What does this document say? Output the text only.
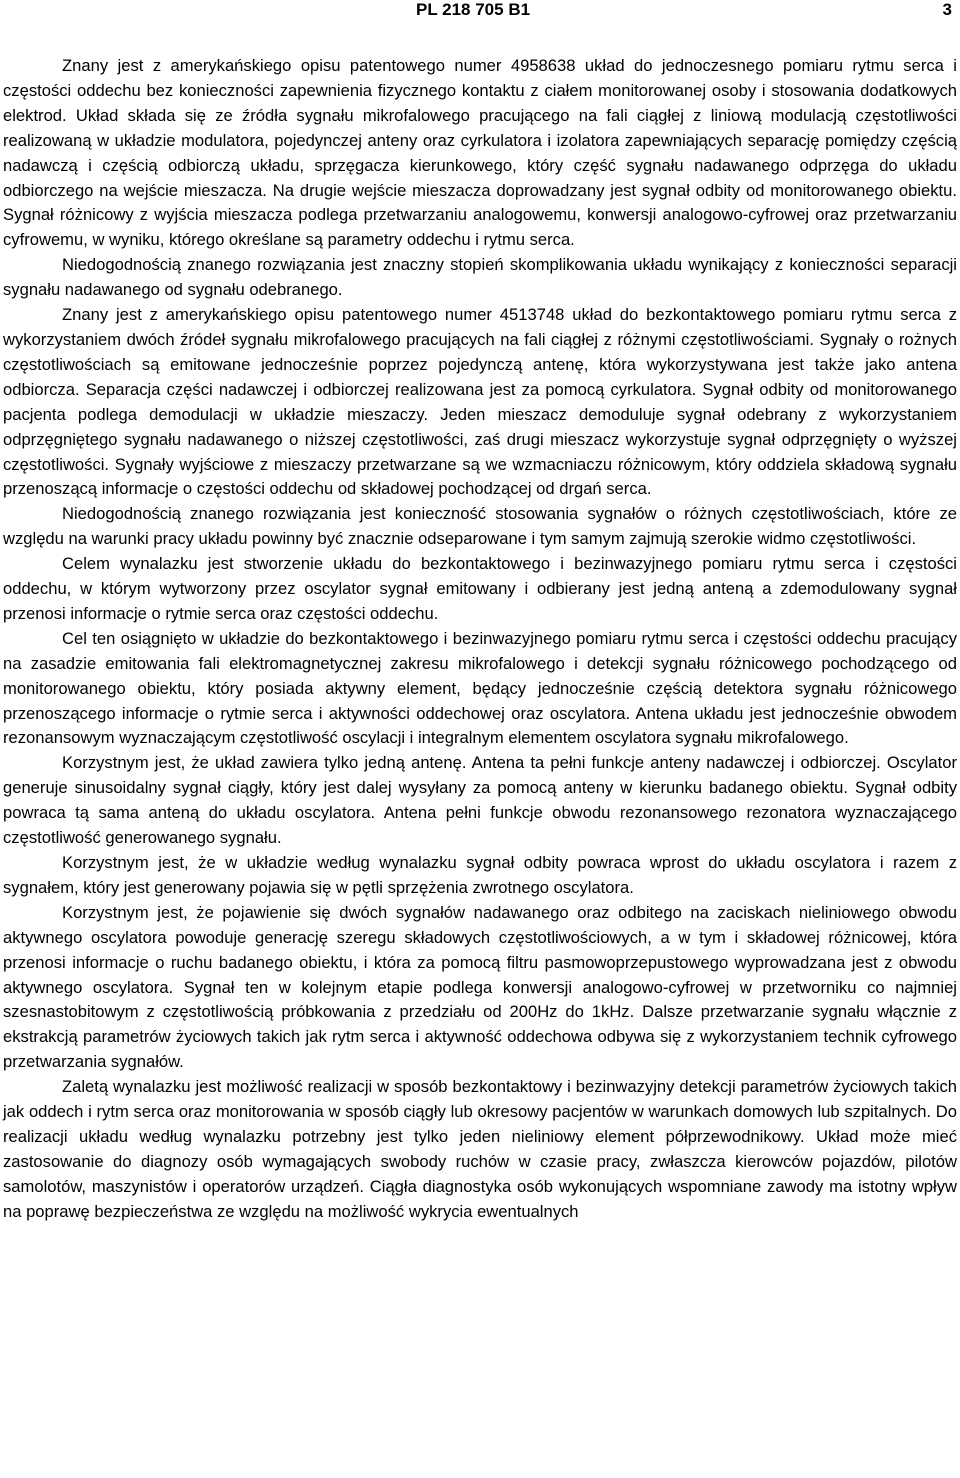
PL 218 705 B1	3

Znany jest z amerykańskiego opisu patentowego numer 4958638 układ do jednoczesnego pomiaru rytmu serca i częstości oddechu bez konieczności zapewnienia fizycznego kontaktu z ciałem monitorowanej osoby i stosowania dodatkowych elektrod. Układ składa się ze źródła sygnału mikrofalowego pracującego na fali ciągłej z liniową modulacją częstotliwości realizowaną w układzie modulatora, pojedynczej anteny oraz cyrkulatora i izolatora zapewniających separację pomiędzy częścią nadawczą i częścią odbiorczą układu, sprzęgacza kierunkowego, który część sygnału nadawanego odprzęga do układu odbiorczego na wejście mieszacza. Na drugie wejście mieszacza doprowadzany jest sygnał odbity od monitorowanego obiektu. Sygnał różnicowy z wyjścia mieszacza podlega przetwarzaniu analogowemu, konwersji analogowo-cyfrowej oraz przetwarzaniu cyfrowemu, w wyniku, którego określane są parametry oddechu i rytmu serca.

Niedogodnością znanego rozwiązania jest znaczny stopień skomplikowania układu wynikający z konieczności separacji sygnału nadawanego od sygnału odebranego.

Znany jest z amerykańskiego opisu patentowego numer 4513748 układ do bezkontaktowego pomiaru rytmu serca z wykorzystaniem dwóch źródeł sygnału mikrofalowego pracujących na fali ciągłej z różnymi częstotliwościami. Sygnały o rożnych częstotliwościach są emitowane jednocześnie poprzez pojedynczą antenę, która wykorzystywana jest także jako antena odbiorcza. Separacja części nadawczej i odbiorczej realizowana jest za pomocą cyrkulatora. Sygnał odbity od monitorowanego pacjenta podlega demodulacji w układzie mieszaczy. Jeden mieszacz demoduluje sygnał odebrany z wykorzystaniem odprzęgniętego sygnału nadawanego o niższej częstotliwości, zaś drugi mieszacz wykorzystuje sygnał odprzęgnięty o wyższej częstotliwości. Sygnały wyjściowe z mieszaczy przetwarzane są we wzmacniaczu różnicowym, który oddziela składową sygnału przenoszącą informacje o częstości oddechu od składowej pochodzącej od drgań serca.

Niedogodnością znanego rozwiązania jest konieczność stosowania sygnałów o różnych częstotliwościach, które ze względu na warunki pracy układu powinny być znacznie odseparowane i tym samym zajmują szerokie widmo częstotliwości.

Celem wynalazku jest stworzenie układu do bezkontaktowego i bezinwazyjnego pomiaru rytmu serca i częstości oddechu, w którym wytworzony przez oscylator sygnał emitowany i odbierany jest jedną anteną a zdemodulowany sygnał przenosi informacje o rytmie serca oraz częstości oddechu.

Cel ten osiągnięto w układzie do bezkontaktowego i bezinwazyjnego pomiaru rytmu serca i częstości oddechu pracujący na zasadzie emitowania fali elektromagnetycznej zakresu mikrofalowego i detekcji sygnału różnicowego pochodzącego od monitorowanego obiektu, który posiada aktywny element, będący jednocześnie częścią detektora sygnału różnicowego przenoszącego informacje o rytmie serca i aktywności oddechowej oraz oscylatora. Antena układu jest jednocześnie obwodem rezonansowym wyznaczającym częstotliwość oscylacji i integralnym elementem oscylatora sygnału mikrofalowego.

Korzystnym jest, że układ zawiera tylko jedną antenę. Antena ta pełni funkcje anteny nadawczej i odbiorczej. Oscylator generuje sinusoidalny sygnał ciągły, który jest dalej wysyłany za pomocą anteny w kierunku badanego obiektu. Sygnał odbity powraca tą sama anteną do układu oscylatora. Antena pełni funkcje obwodu rezonansowego rezonatora wyznaczającego częstotliwość generowanego sygnału.

Korzystnym jest, że w układzie według wynalazku sygnał odbity powraca wprost do układu oscylatora i razem z sygnałem, który jest generowany pojawia się w pętli sprzężenia zwrotnego oscylatora.

Korzystnym jest, że pojawienie się dwóch sygnałów nadawanego oraz odbitego na zaciskach nieliniowego obwodu aktywnego oscylatora powoduje generację szeregu składowych częstotliwościowych, a w tym i składowej różnicowej, która przenosi informacje o ruchu badanego obiektu, i która za pomocą filtru pasmowoprzepustowego wyprowadzana jest z obwodu aktywnego oscylatora. Sygnał ten w kolejnym etapie podlega konwersji analogowo-cyfrowej w przetworniku co najmniej szesnastobitowym z częstotliwością próbkowania z przedziału od 200Hz do 1kHz. Dalsze przetwarzanie sygnału włącznie z ekstrakcją parametrów życiowych takich jak rytm serca i aktywność oddechowa odbywa się z wykorzystaniem technik cyfrowego przetwarzania sygnałów.

Zaletą wynalazku jest możliwość realizacji w sposób bezkontaktowy i bezinwazyjny detekcji parametrów życiowych takich jak oddech i rytm serca oraz monitorowania w sposób ciągły lub okresowy pacjentów w warunkach domowych lub szpitalnych. Do realizacji układu według wynalazku potrzebny jest tylko jeden nieliniowy element półprzewodnikowy. Układ może mieć zastosowanie do diagnozy osób wymagających swobody ruchów w czasie pracy, zwłaszcza kierowców pojazdów, pilotów samolotów, maszynistów i operatorów urządzeń. Ciągła diagnostyka osób wykonujących wspomniane zawody ma istotny wpływ na poprawę bezpieczeństwa ze względu na możliwość wykrycia ewentualnych
